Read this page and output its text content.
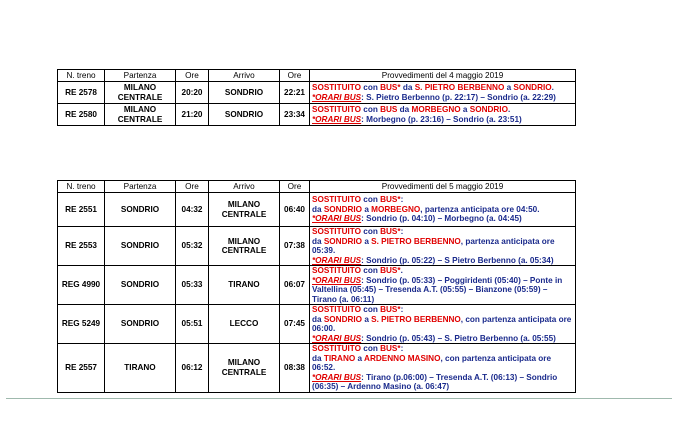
N. treno	Partenza	Ore	Arrivo	Ore	Provvedimenti del 4 maggio 2019
RE 2578	MILANO CENTRALE	20:20	SONDRIO	22:21	SOSTITUITO con BUS* da S. PIETRO BERBENNO a SONDRIO.
*ORARI BUS: S. Pietro Berbenno (p. 22:17) – Sondrio (a. 22:29)

RE 2580	MILANO CENTRALE	21:20	SONDRIO	23:34	SOSTITUITO con BUS da MORBEGNO a SONDRIO.
*ORARI BUS: Morbegno (p. 23:16) – Sondrio (a. 23:51)
N. treno	Partenza	Ore	Arrivo	Ore	Provvedimenti del 5 maggio 2019
RE 2551	SONDRIO	04:32	MILANO CENTRALE	06:40	SOSTITUITO con BUS*:
da SONDRIO a MORBEGNO, partenza anticipata ore 04:50.
*ORARI BUS: Sondrio (p. 04:10) – Morbegno (a. 04:45)

RE 2553	SONDRIO	05:32	MILANO CENTRALE	07:38	SOSTITUITO con BUS*:
da SONDRIO a S. PIETRO BERBENNO, partenza anticipata ore 05:39.
*ORARI BUS: Sondrio (p. 05:22) – S Pietro Berbenno (a. 05:34)

REG 4990	SONDRIO	05:33	TIRANO	06:07	SOSTITUITO con BUS*.
*ORARI BUS: Sondrio (p. 05:33) – Poggiridenti (05:40) – Ponte in Valtellina (05:45) – Tresenda A.T. (05:55) – Bianzone (05:59) – Tirano (a. 06:11)

REG 5249	SONDRIO	05:51	LECCO	07:45	SOSTITUITO con BUS*:
da SONDRIO a S. PIETRO BERBENNO, con partenza anticipata ore 06:00.
*ORARI BUS: Sondrio (p. 05:43) – S. Pietro Berbenno (a. 05:55)

RE 2557	TIRANO	06:12	MILANO CENTRALE	08:38	SOSTITUITO con BUS*:
da TIRANO a ARDENNO MASINO, con partenza anticipata ore 06:52.
*ORARI BUS: Tirano (p.06:00) – Tresenda A.T. (06:13) – Sondrio (06:35) – Ardenno Masino (a. 06:47)
